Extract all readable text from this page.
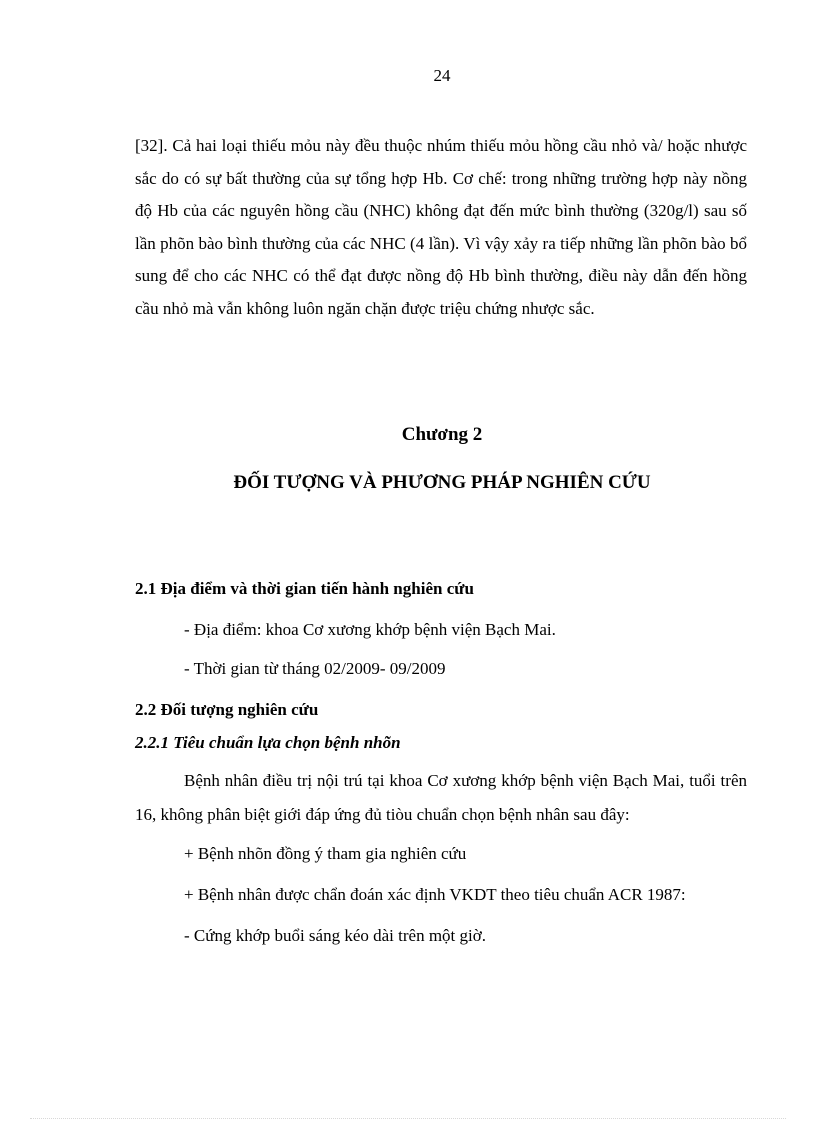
24
[32]. Cả hai loại thiếu mỏu này đều thuộc nhúm thiếu mỏu hồng cầu nhỏ và/ hoặc nhược sắc do có sự bất thường của sự tổng hợp Hb. Cơ chế: trong những trường hợp này nồng độ Hb của các nguyên hồng cầu (NHC) không đạt đến mức bình thường (320g/l) sau số lần phõn bào bình thường của các NHC (4 lần). Vì vậy xảy ra tiếp những lần phõn bào bổ sung để cho các NHC có thể đạt được nồng độ Hb bình thường, điều này dẫn đến hồng cầu nhỏ mà vẫn không luôn ngăn chặn được triệu chứng nhược sắc.
Chương 2
ĐỐI TƯỢNG VÀ PHƯƠNG PHÁP NGHIÊN CỨU
2.1 Địa điểm và thời gian tiến hành nghiên cứu
- Địa điểm: khoa Cơ xương khớp bệnh viện Bạch Mai.
- Thời gian từ tháng 02/2009- 09/2009
2.2 Đối tượng nghiên cứu
2.2.1 Tiêu chuẩn lựa chọn bệnh nhõn
Bệnh nhân điều trị nội trú tại khoa Cơ xương khớp bệnh viện Bạch Mai, tuổi trên 16, không phân biệt giới đáp ứng đủ tiòu chuẩn chọn bệnh nhân sau đây:
+ Bệnh nhõn đồng ý tham gia nghiên cứu
+ Bệnh nhân được chẩn đoán xác định VKDT theo tiêu chuẩn ACR 1987:
- Cứng khớp buổi sáng kéo dài trên một giờ.
